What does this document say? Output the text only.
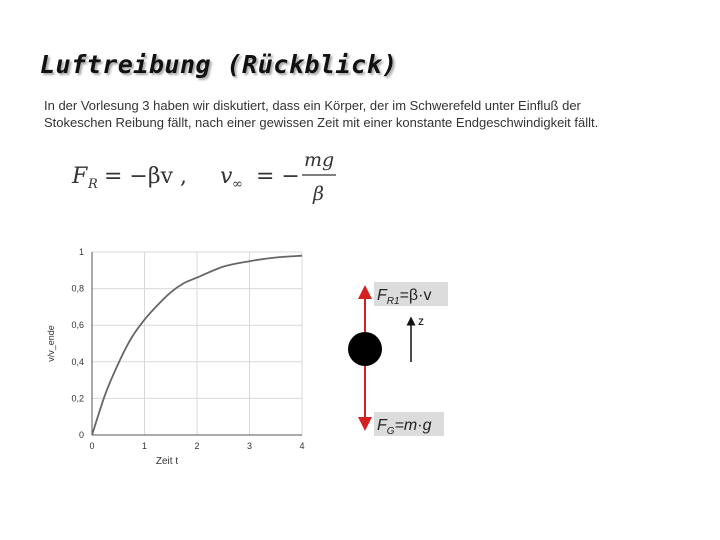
Luftreibung (Rückblick)

In der Vorlesung 3 haben wir diskutiert, dass ein Körper, der im Schwerefeld unter Einfluß der

Stokeschen Reibung fällt, nach einer gewissen Zeit mit einer konstante Endgeschwindigkeit fällt.

F R = −βv , v ∞ = −
mg
β
0	1	2	3	4
0
0,2
0,4
0,6
0,8
1
Zeit t
v/v_ende
z
$F_{R1}=\beta\cdot v$
$F_G=m\cdot g$
